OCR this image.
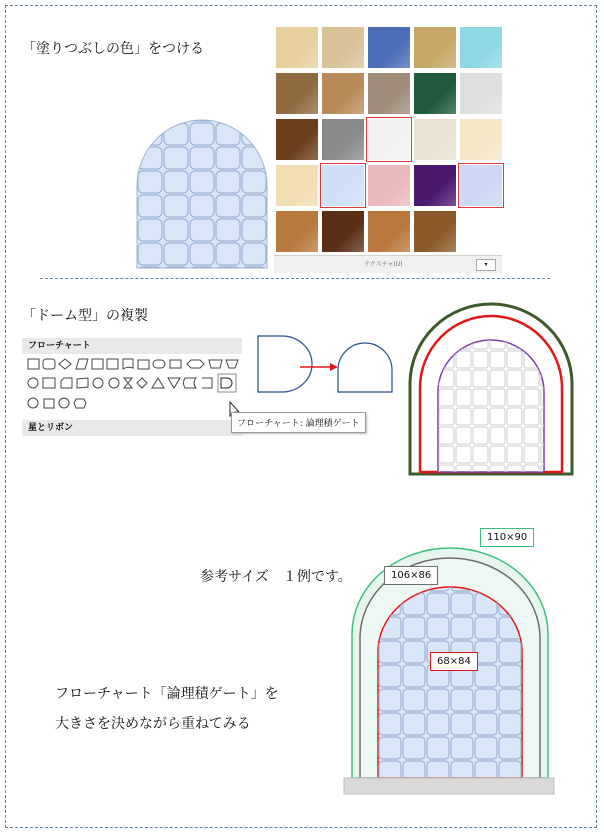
「塗りつぶしの色」をつける
テクスチャ(U)	▾
「ドーム型」の複製
フローチャート
星とリボン	フローチャート: 論理積ゲート
参考サイズ　１例です。
110×90
106×86
68×84
フローチャート「論理積ゲート」を
大きさを決めながら重ねてみる
